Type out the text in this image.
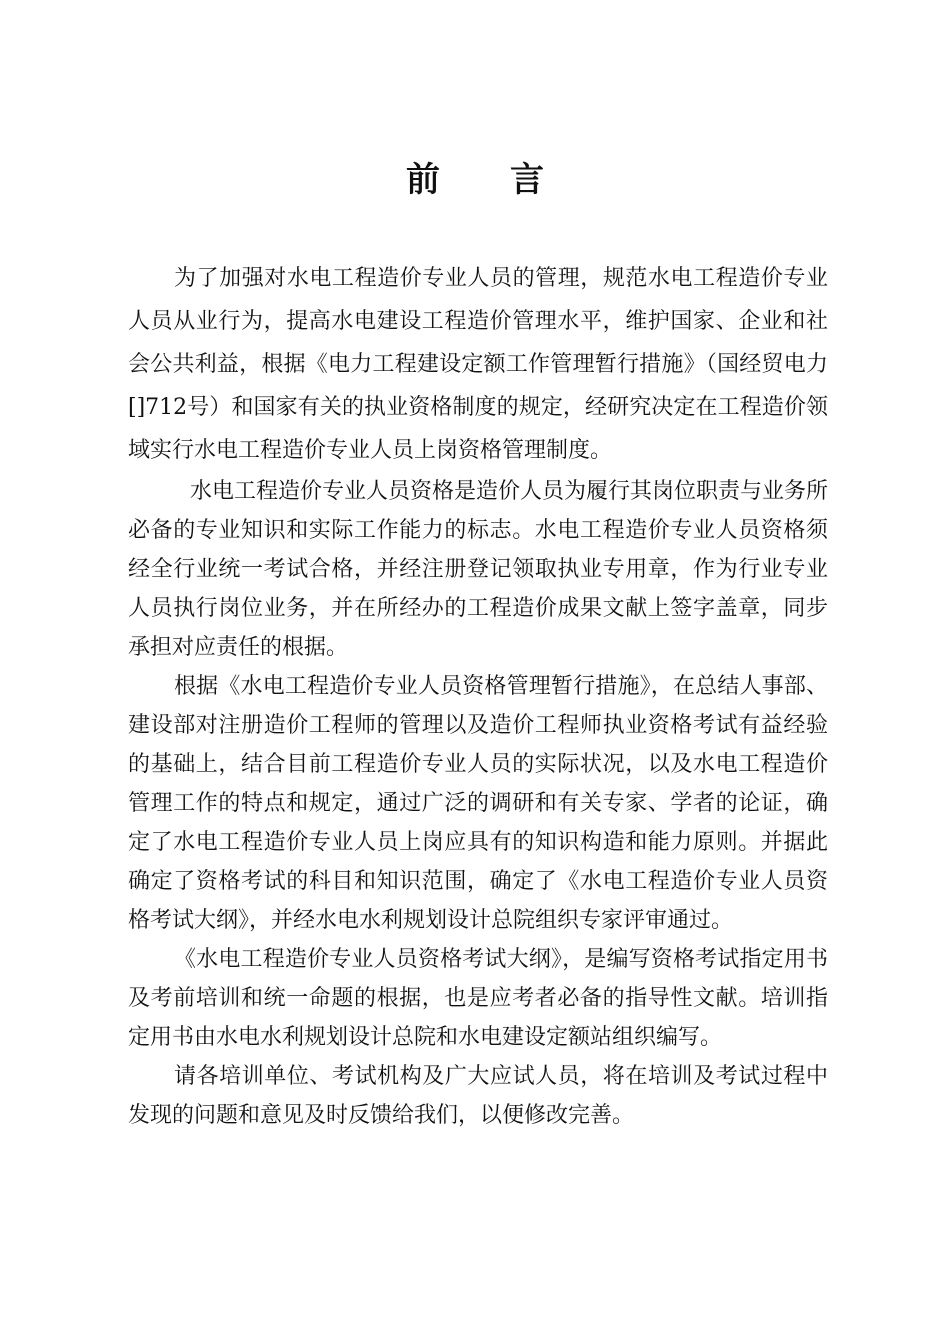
前言

为了加强对水电工程造价专业人员的管理，规范水电工程造价专业人员从业行为，提高水电建设工程造价管理水平，维护国家、企业和社会公共利益，根据《电力工程建设定额工作管理暂行措施》（国经贸电力[]712号）和国家有关的执业资格制度的规定，经研究决定在工程造价领域实行水电工程造价专业人员上岗资格管理制度。

水电工程造价专业人员资格是造价人员为履行其岗位职责与业务所必备的专业知识和实际工作能力的标志。水电工程造价专业人员资格须经全行业统一考试合格，并经注册登记领取执业专用章，作为行业专业人员执行岗位业务，并在所经办的工程造价成果文献上签字盖章，同步承担对应责任的根据。

根据《水电工程造价专业人员资格管理暂行措施》，在总结人事部、建设部对注册造价工程师的管理以及造价工程师执业资格考试有益经验的基础上，结合目前工程造价专业人员的实际状况，以及水电工程造价管理工作的特点和规定，通过广泛的调研和有关专家、学者的论证，确定了水电工程造价专业人员上岗应具有的知识构造和能力原则。并据此确定了资格考试的科目和知识范围，确定了《水电工程造价专业人员资格考试大纲》，并经水电水利规划设计总院组织专家评审通过。

《水电工程造价专业人员资格考试大纲》，是编写资格考试指定用书及考前培训和统一命题的根据，也是应考者必备的指导性文献。培训指定用书由水电水利规划设计总院和水电建设定额站组织编写。

请各培训单位、考试机构及广大应试人员，将在培训及考试过程中发现的问题和意见及时反馈给我们，以便修改完善。
